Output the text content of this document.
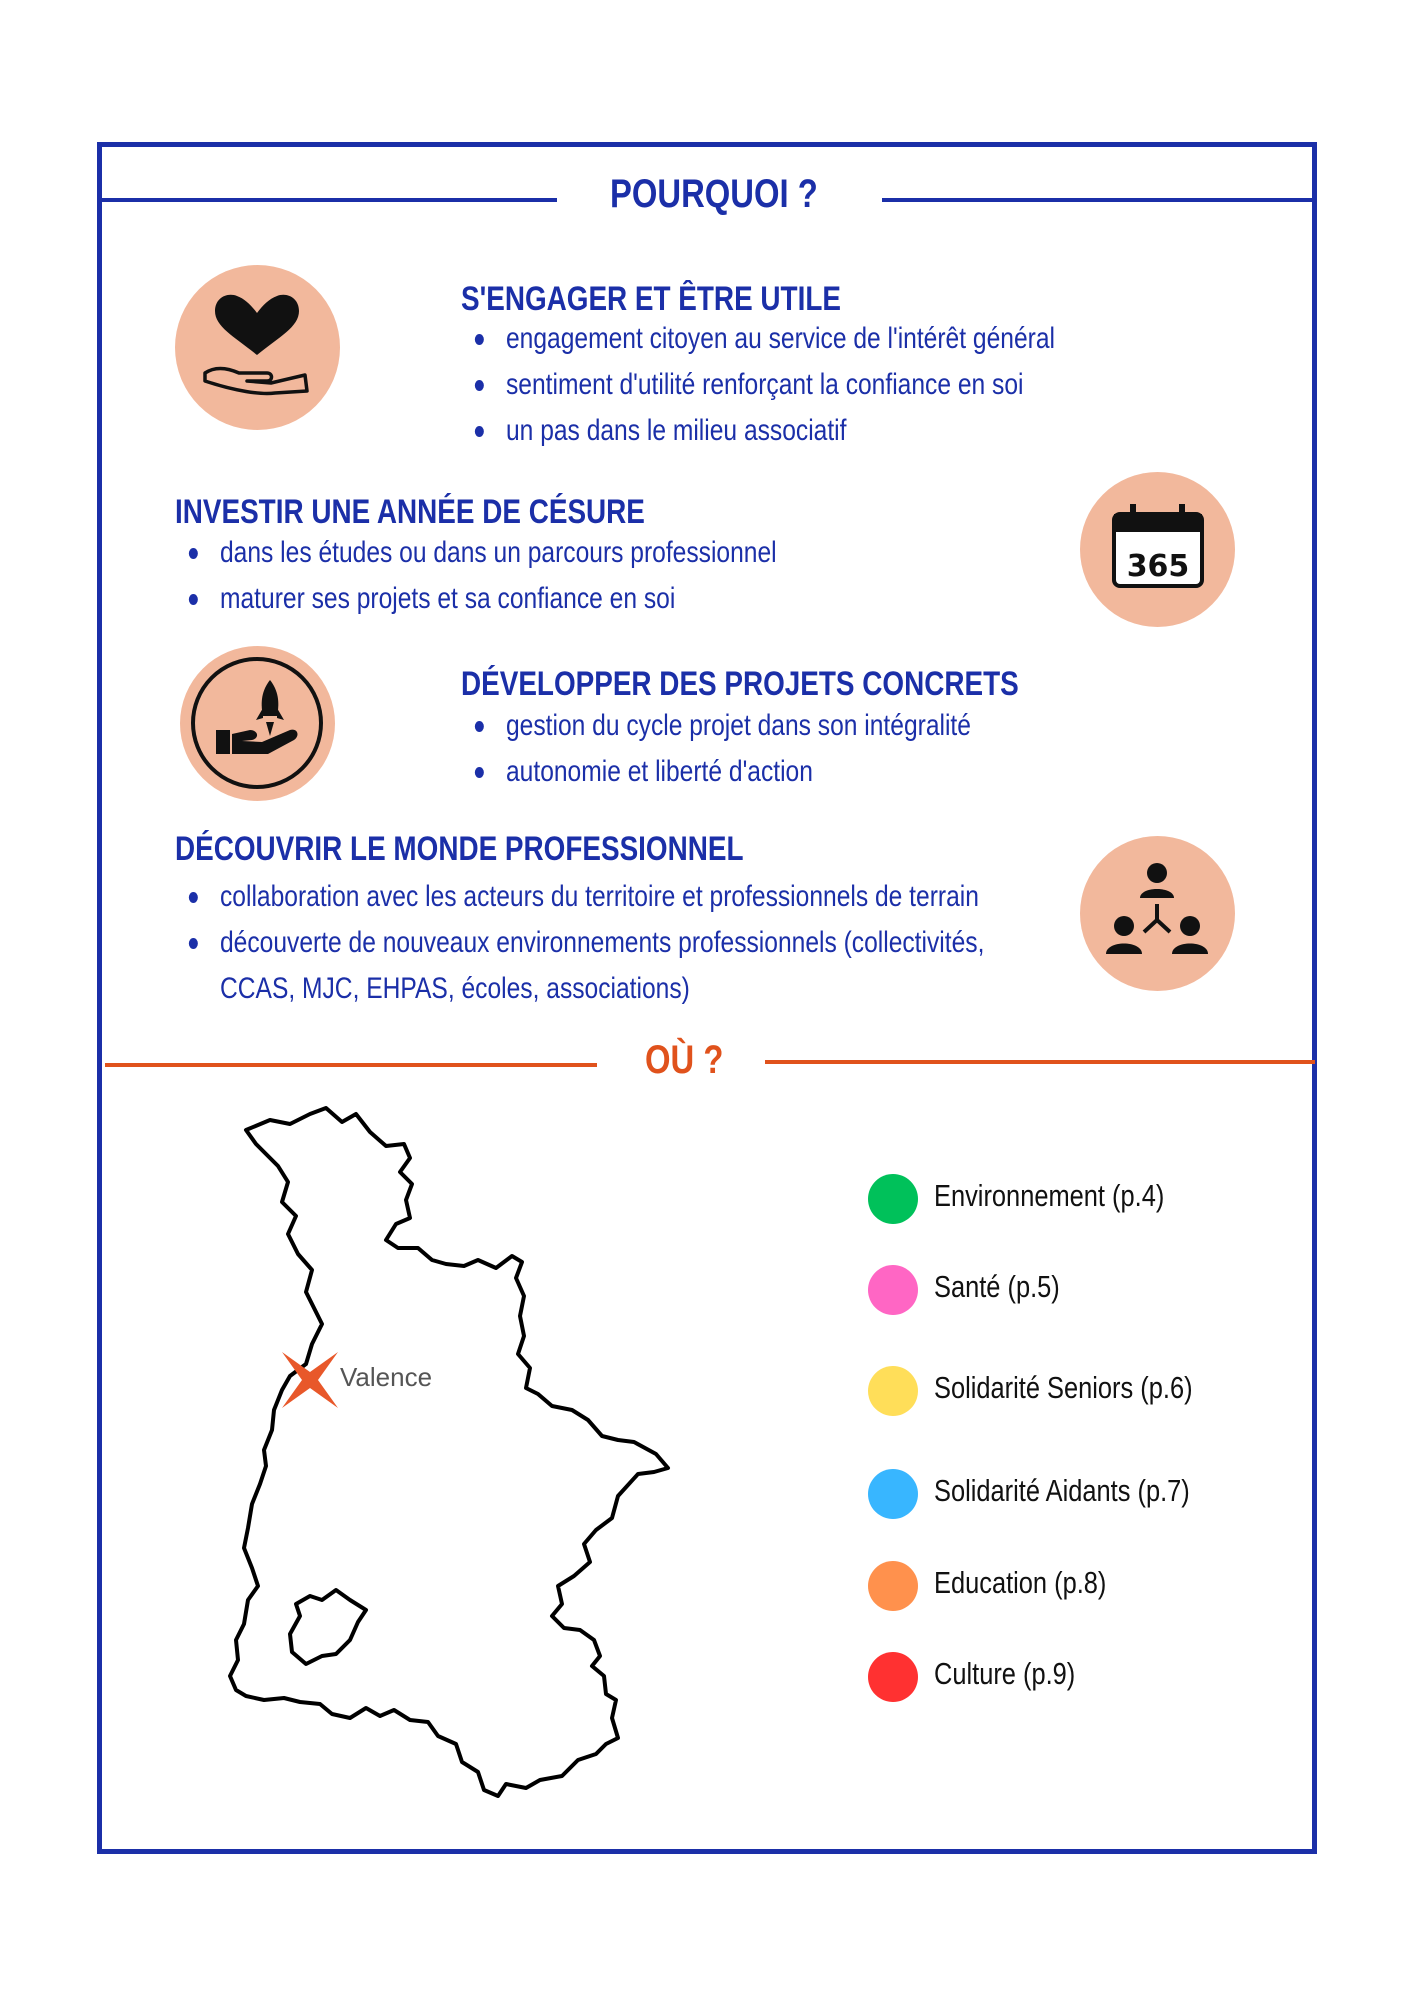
POURQUOI ?
S'ENGAGER ET ÊTRE UTILE
engagement citoyen au service de l'intérêt général
sentiment d'utilité renforçant la confiance en soi
un pas dans le milieu associatif
INVESTIR UNE ANNÉE DE CÉSURE
dans les études ou dans un parcours professionnel
maturer ses projets et sa confiance en soi
365
DÉVELOPPER DES PROJETS CONCRETS
gestion du cycle projet dans son intégralité
autonomie et liberté d'action
DÉCOUVRIR LE MONDE PROFESSIONNEL
collaboration avec les acteurs du territoire et professionnels de terrain
découverte de nouveaux environnements professionnels (collectivités,
CCAS, MJC, EHPAS, écoles, associations)
OÙ ?
Valence
Environnement (p.4)
Santé (p.5)
Solidarité Seniors (p.6)
Solidarité Aidants (p.7)
Education (p.8)
Culture (p.9)
